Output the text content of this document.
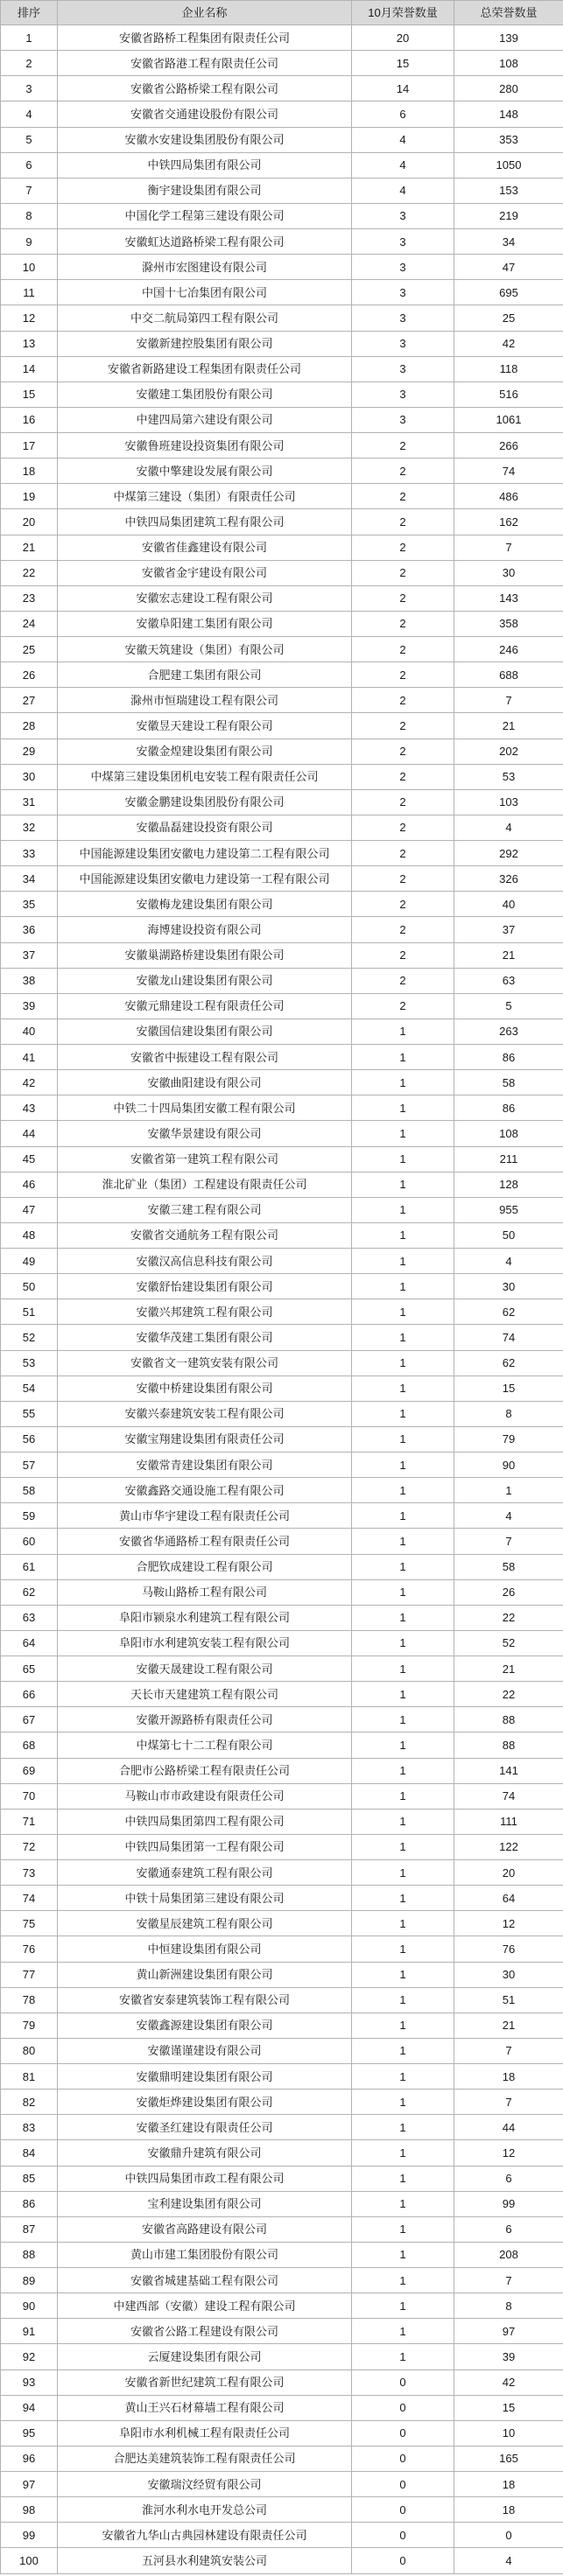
排序	企业名称	10月荣誉数量	总荣誉数量
1	安徽省路桥工程集团有限责任公司	20	139
2	安徽省路港工程有限责任公司	15	108
3	安徽省公路桥梁工程有限公司	14	280
4	安徽省交通建设股份有限公司	6	148
5	安徽水安建设集团股份有限公司	4	353
6	中铁四局集团有限公司	4	1050
7	衡宇建设集团有限公司	4	153
8	中国化学工程第三建设有限公司	3	219
9	安徽虹达道路桥梁工程有限公司	3	34
10	滁州市宏图建设有限公司	3	47
11	中国十七冶集团有限公司	3	695
12	中交二航局第四工程有限公司	3	25
13	安徽新建控股集团有限公司	3	42
14	安徽省新路建设工程集团有限责任公司	3	118
15	安徽建工集团股份有限公司	3	516
16	中建四局第六建设有限公司	3	1061
17	安徽鲁班建设投资集团有限公司	2	266
18	安徽中擎建设发展有限公司	2	74
19	中煤第三建设（集团）有限责任公司	2	486
20	中铁四局集团建筑工程有限公司	2	162
21	安徽省佳鑫建设有限公司	2	7
22	安徽省金宇建设有限公司	2	30
23	安徽宏志建设工程有限公司	2	143
24	安徽阜阳建工集团有限公司	2	358
25	安徽天筑建设（集团）有限公司	2	246
26	合肥建工集团有限公司	2	688
27	滁州市恒瑞建设工程有限公司	2	7
28	安徽昱天建设工程有限公司	2	21
29	安徽金煌建设集团有限公司	2	202
30	中煤第三建设集团机电安装工程有限责任公司	2	53
31	安徽金鹏建设集团股份有限公司	2	103
32	安徽晶磊建设投资有限公司	2	4
33	中国能源建设集团安徽电力建设第二工程有限公司	2	292
34	中国能源建设集团安徽电力建设第一工程有限公司	2	326
35	安徽梅龙建设集团有限公司	2	40
36	海博建设投资有限公司	2	37
37	安徽巢湖路桥建设集团有限公司	2	21
38	安徽龙山建设集团有限公司	2	63
39	安徽元鼎建设工程有限责任公司	2	5
40	安徽国信建设集团有限公司	1	263
41	安徽省中振建设工程有限公司	1	86
42	安徽曲阳建设有限公司	1	58
43	中铁二十四局集团安徽工程有限公司	1	86
44	安徽华景建设有限公司	1	108
45	安徽省第一建筑工程有限公司	1	211
46	淮北矿业（集团）工程建设有限责任公司	1	128
47	安徽三建工程有限公司	1	955
48	安徽省交通航务工程有限公司	1	50
49	安徽汉高信息科技有限公司	1	4
50	安徽舒怡建设集团有限公司	1	30
51	安徽兴邦建筑工程有限公司	1	62
52	安徽华茂建工集团有限公司	1	74
53	安徽省文一建筑安装有限公司	1	62
54	安徽中桥建设集团有限公司	1	15
55	安徽兴泰建筑安装工程有限公司	1	8
56	安徽宝翔建设集团有限责任公司	1	79
57	安徽常青建设集团有限公司	1	90
58	安徽鑫路交通设施工程有限公司	1	1
59	黄山市华宇建设工程有限责任公司	1	4
60	安徽省华通路桥工程有限责任公司	1	7
61	合肥钦成建设工程有限公司	1	58
62	马鞍山路桥工程有限公司	1	26
63	阜阳市颍泉水利建筑工程有限公司	1	22
64	阜阳市水利建筑安装工程有限公司	1	52
65	安徽天晟建设工程有限公司	1	21
66	天长市天建建筑工程有限公司	1	22
67	安徽开源路桥有限责任公司	1	88
68	中煤第七十二工程有限公司	1	88
69	合肥市公路桥梁工程有限责任公司	1	141
70	马鞍山市市政建设有限责任公司	1	74
71	中铁四局集团第四工程有限公司	1	111
72	中铁四局集团第一工程有限公司	1	122
73	安徽通泰建筑工程有限公司	1	20
74	中铁十局集团第三建设有限公司	1	64
75	安徽星辰建筑工程有限公司	1	12
76	中恒建设集团有限公司	1	76
77	黄山新洲建设集团有限公司	1	30
78	安徽省安泰建筑装饰工程有限公司	1	51
79	安徽鑫源建设集团有限公司	1	21
80	安徽谨谨建设有限公司	1	7
81	安徽鼎明建设集团有限公司	1	18
82	安徽炬烨建设集团有限公司	1	7
83	安徽圣红建设有限责任公司	1	44
84	安徽鼎升建筑有限公司	1	12
85	中铁四局集团市政工程有限公司	1	6
86	宝利建设集团有限公司	1	99
87	安徽省高路建设有限公司	1	6
88	黄山市建工集团股份有限公司	1	208
89	安徽省城建基础工程有限公司	1	7
90	中建西部（安徽）建设工程有限公司	1	8
91	安徽省公路工程建设有限公司	1	97
92	云厦建设集团有限公司	1	39
93	安徽省新世纪建筑工程有限公司	0	42
94	黄山王兴石材幕墙工程有限公司	0	15
95	阜阳市水利机械工程有限责任公司	0	10
96	合肥达美建筑装饰工程有限责任公司	0	165
97	安徽瑞汶经贸有限公司	0	18
98	淮河水利水电开发总公司	0	18
99	安徽省九华山古典园林建设有限责任公司	0	0
100	五河县水利建筑安装公司	0	4
